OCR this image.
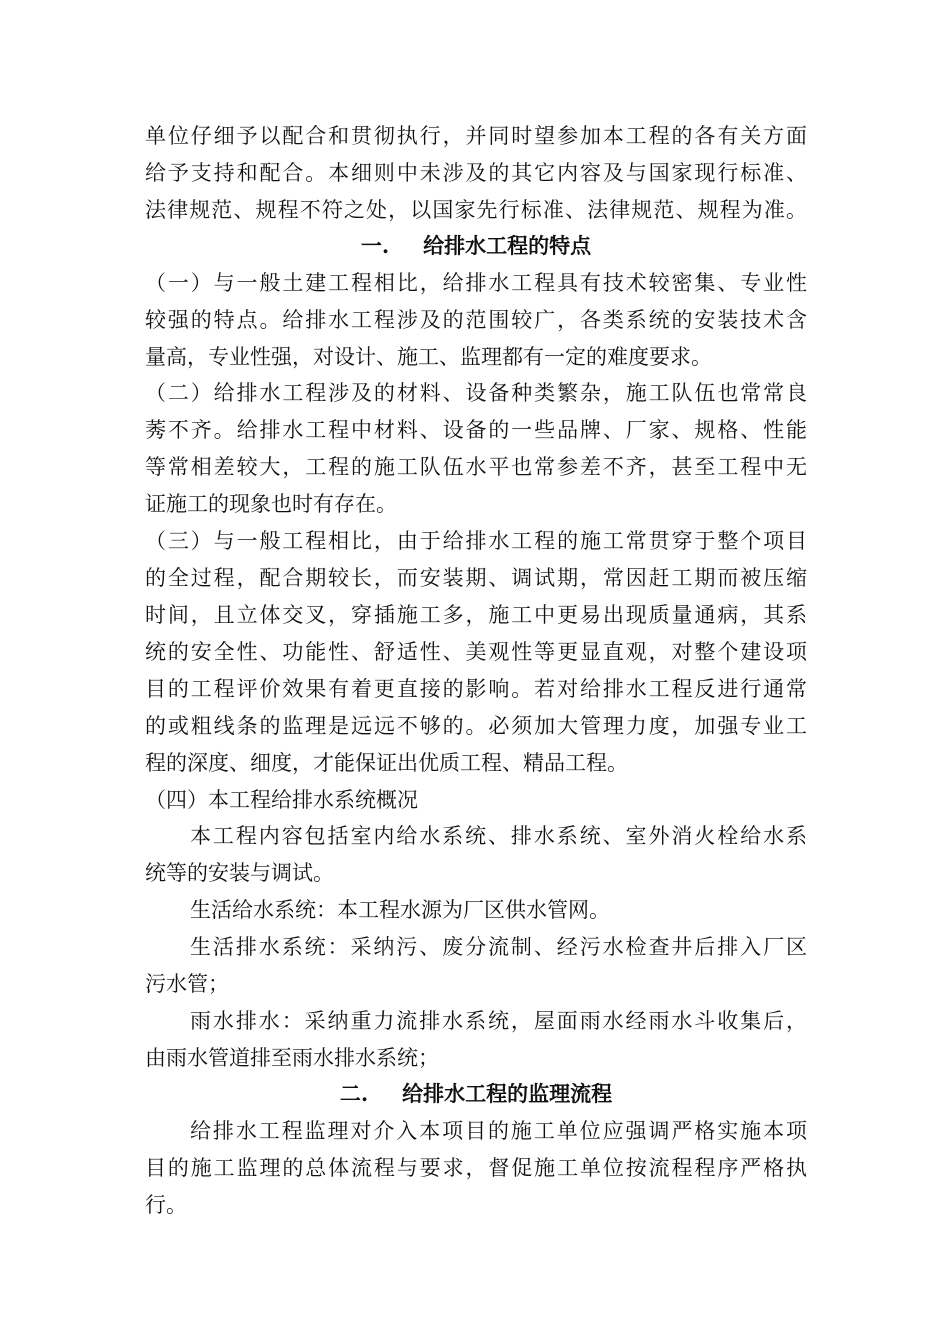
单位仔细予以配合和贯彻执行，并同时望参加本工程的各有关方面
给予支持和配合。本细则中未涉及的其它内容及与国家现行标准、
法律规范、规程不符之处，以国家先行标准、法律规范、规程为准。
一. 给排水工程的特点
（一）与一般土建工程相比，给排水工程具有技术较密集、专业性
较强的特点。给排水工程涉及的范围较广，各类系统的安装技术含
量高，专业性强，对设计、施工、监理都有一定的难度要求。
（二）给排水工程涉及的材料、设备种类繁杂，施工队伍也常常良
莠不齐。给排水工程中材料、设备的一些品牌、厂家、规格、性能
等常相差较大，工程的施工队伍水平也常参差不齐，甚至工程中无
证施工的现象也时有存在。
（三）与一般工程相比，由于给排水工程的施工常贯穿于整个项目
的全过程，配合期较长，而安装期、调试期，常因赶工期而被压缩
时间，且立体交叉，穿插施工多，施工中更易出现质量通病，其系
统的安全性、功能性、舒适性、美观性等更显直观，对整个建设项
目的工程评价效果有着更直接的影响。若对给排水工程反进行通常
的或粗线条的监理是远远不够的。必须加大管理力度，加强专业工
程的深度、细度，才能保证出优质工程、精品工程。
（四）本工程给排水系统概况
本工程内容包括室内给水系统、排水系统、室外消火栓给水系
统等的安装与调试。
生活给水系统：本工程水源为厂区供水管网。
生活排水系统：采纳污、废分流制、经污水检查井后排入厂区
污水管；
雨水排水：采纳重力流排水系统，屋面雨水经雨水斗收集后，
由雨水管道排至雨水排水系统；
二. 给排水工程的监理流程
给排水工程监理对介入本项目的施工单位应强调严格实施本项
目的施工监理的总体流程与要求，督促施工单位按流程程序严格执
行。
